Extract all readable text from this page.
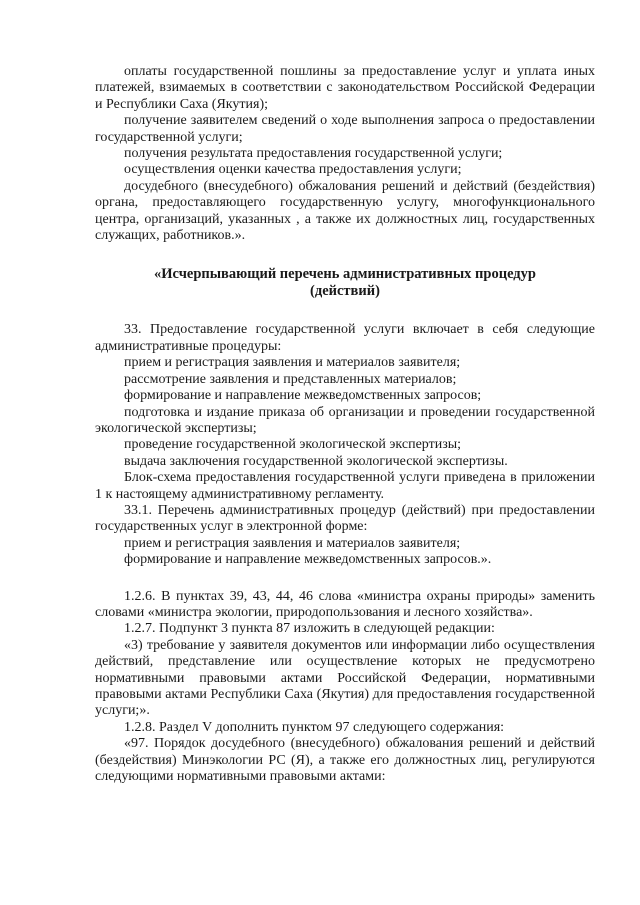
оплаты государственной пошлины за предоставление услуг и уплата иных платежей, взимаемых в соответствии с законодательством Российской Федерации и Республики Саха (Якутия);

получение заявителем сведений о ходе выполнения запроса о предоставлении государственной услуги;

получения результата предоставления государственной услуги;

осуществления оценки качества предоставления услуги;

досудебного (внесудебного) обжалования решений и действий (бездействия) органа, предоставляющего государственную услугу, многофункционального центра, организаций, указанных , а также их должностных лиц, государственных служащих, работников.».

«Исчерпывающий перечень административных процедур
(действий)

33. Предоставление государственной услуги включает в себя следующие административные процедуры:

прием и регистрация заявления и материалов заявителя;

рассмотрение заявления и представленных материалов;

формирование и направление межведомственных запросов;

подготовка и издание приказа об организации и проведении государственной экологической экспертизы;

проведение государственной экологической экспертизы;

выдача заключения государственной экологической экспертизы.

Блок-схема предоставления государственной услуги приведена в приложении 1 к настоящему административному регламенту.

33.1. Перечень административных процедур (действий) при предоставлении государственных услуг в электронной форме:

прием и регистрация заявления и материалов заявителя;

формирование и направление межведомственных запросов.».

1.2.6. В пунктах 39, 43, 44, 46 слова «министра охраны природы» заменить словами «министра экологии, природопользования и лесного хозяйства».

1.2.7. Подпункт 3 пункта 87 изложить в следующей редакции:

«3) требование у заявителя документов или информации либо осуществления действий, представление или осуществление которых не предусмотрено нормативными правовыми актами Российской Федерации, нормативными правовыми актами Республики Саха (Якутия) для предоставления государственной услуги;».

1.2.8. Раздел V дополнить пунктом 97 следующего содержания:

«97. Порядок досудебного (внесудебного) обжалования решений и действий (бездействия) Минэкологии РС (Я), а также его должностных лиц, регулируются следующими нормативными правовыми актами:
